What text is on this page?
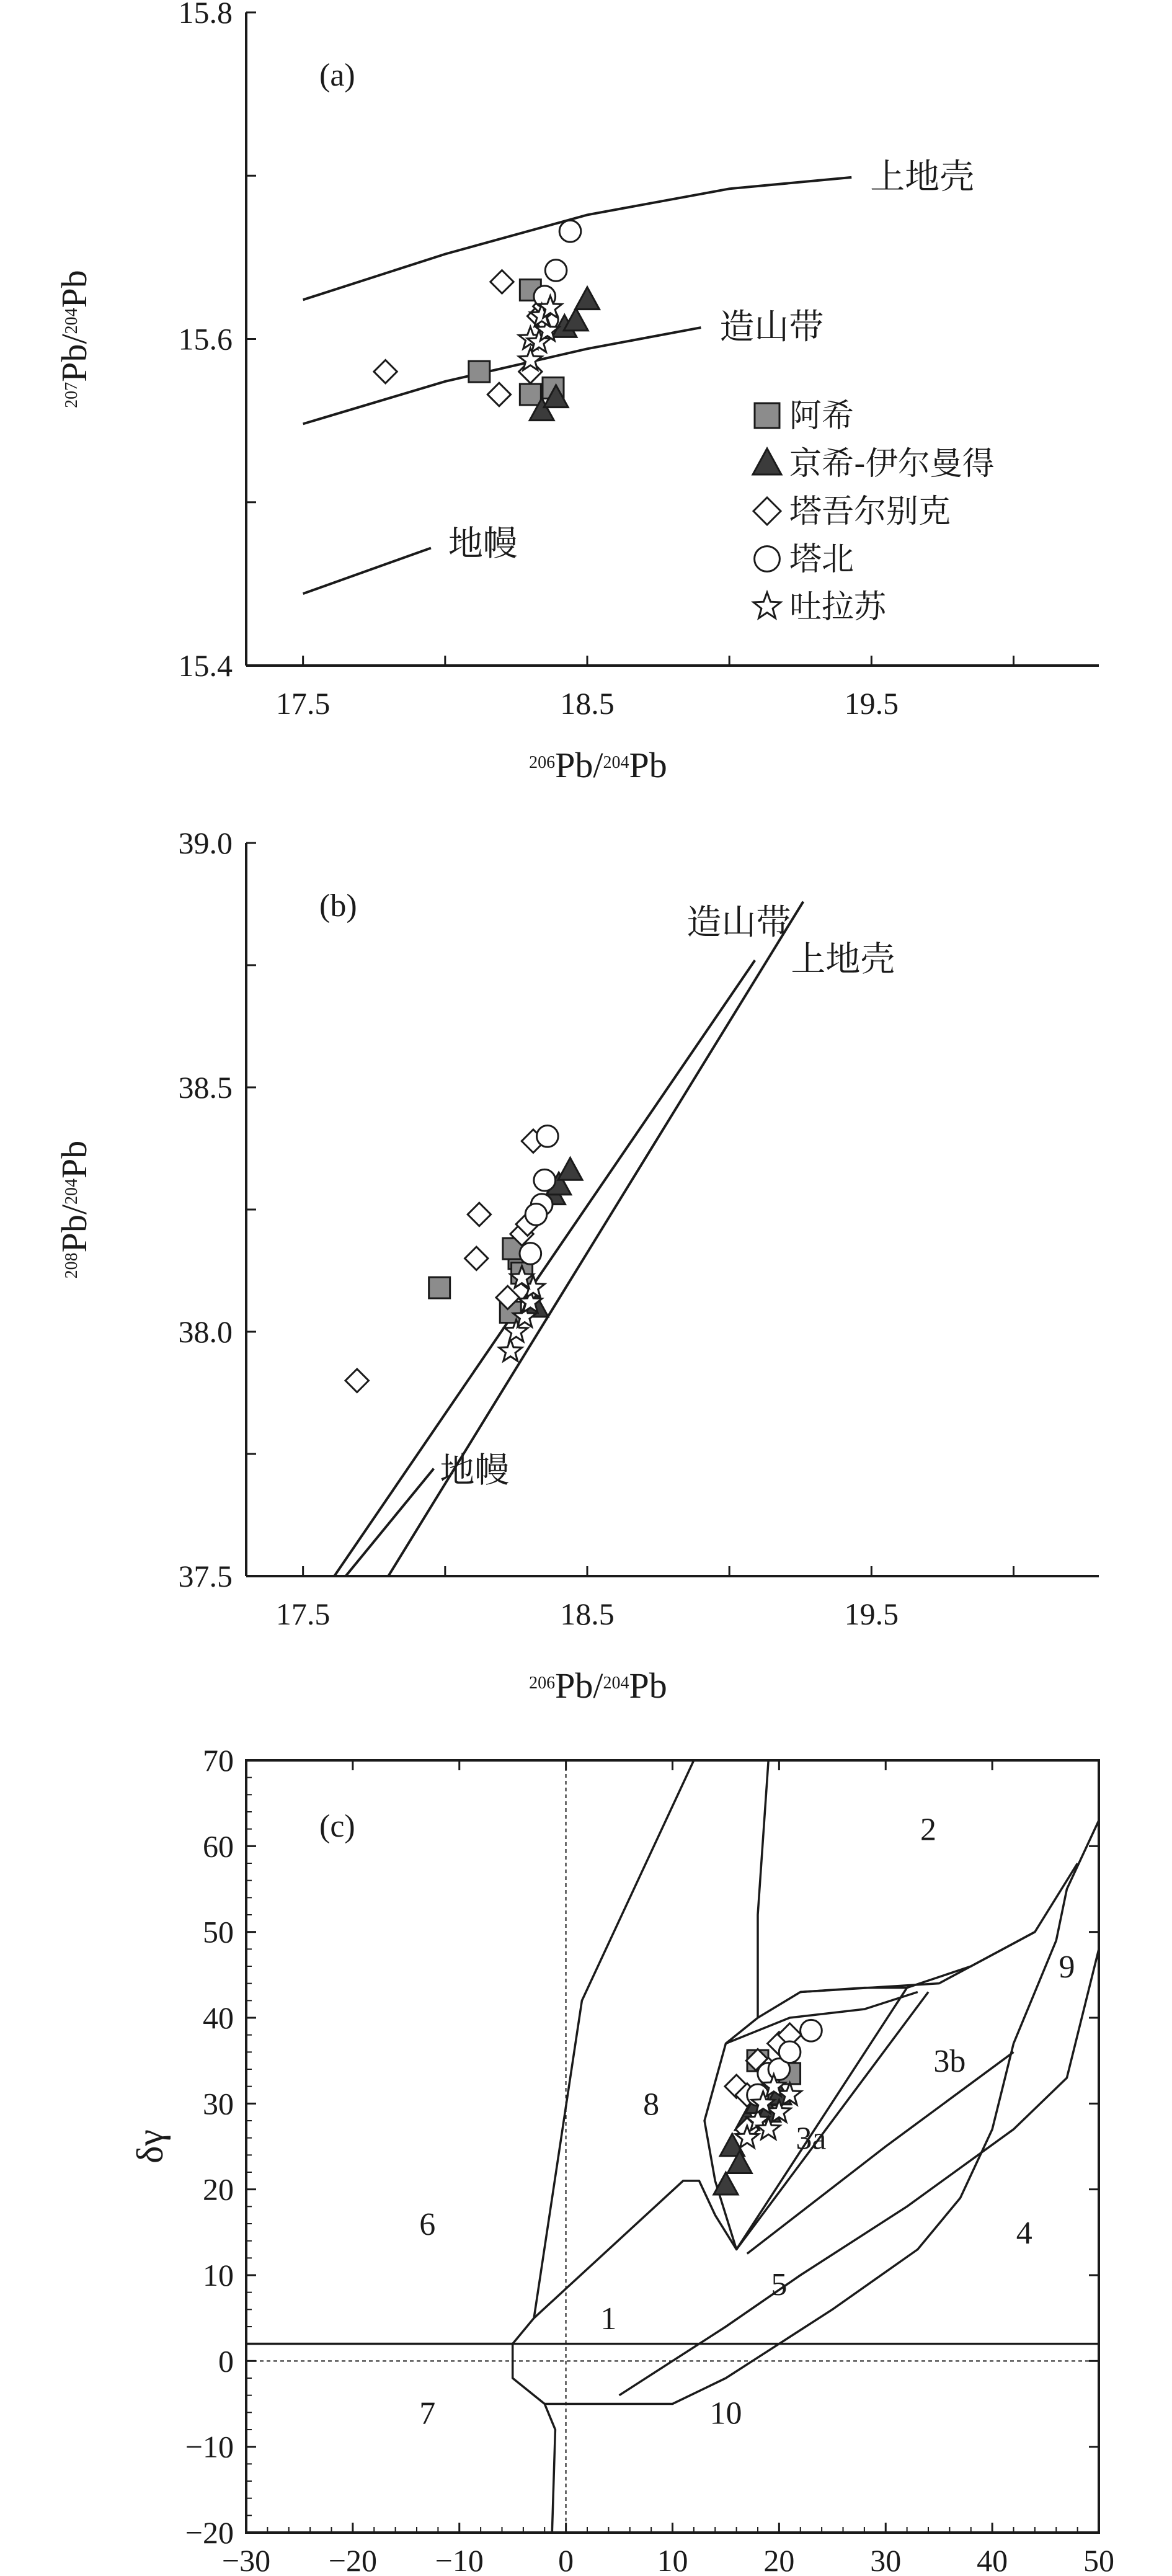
上地壳
造山带
地幔
17.5	18.5	19.5
15.4
15.6
15.8
(a)
$^{206}$Pb/$^{204}$Pb
$^{207}$Pb/$^{204}$Pb
阿希
京希-伊尔曼得
塔吾尔别克
塔北
吐拉苏
造山带
上地壳
地幔
17.5	18.5	19.5
37.5
38.0
38.5
39.0
(b)
$^{206}$Pb/$^{204}$Pb
$^{208}$Pb/$^{204}$Pb
−30 −20 −10 0	10 20 30 40 50
−20
−10
0
10
20
30
40
50
60
70
1
2
3a
3b
4
5
6
7
8
9
10
(c)
δγ
